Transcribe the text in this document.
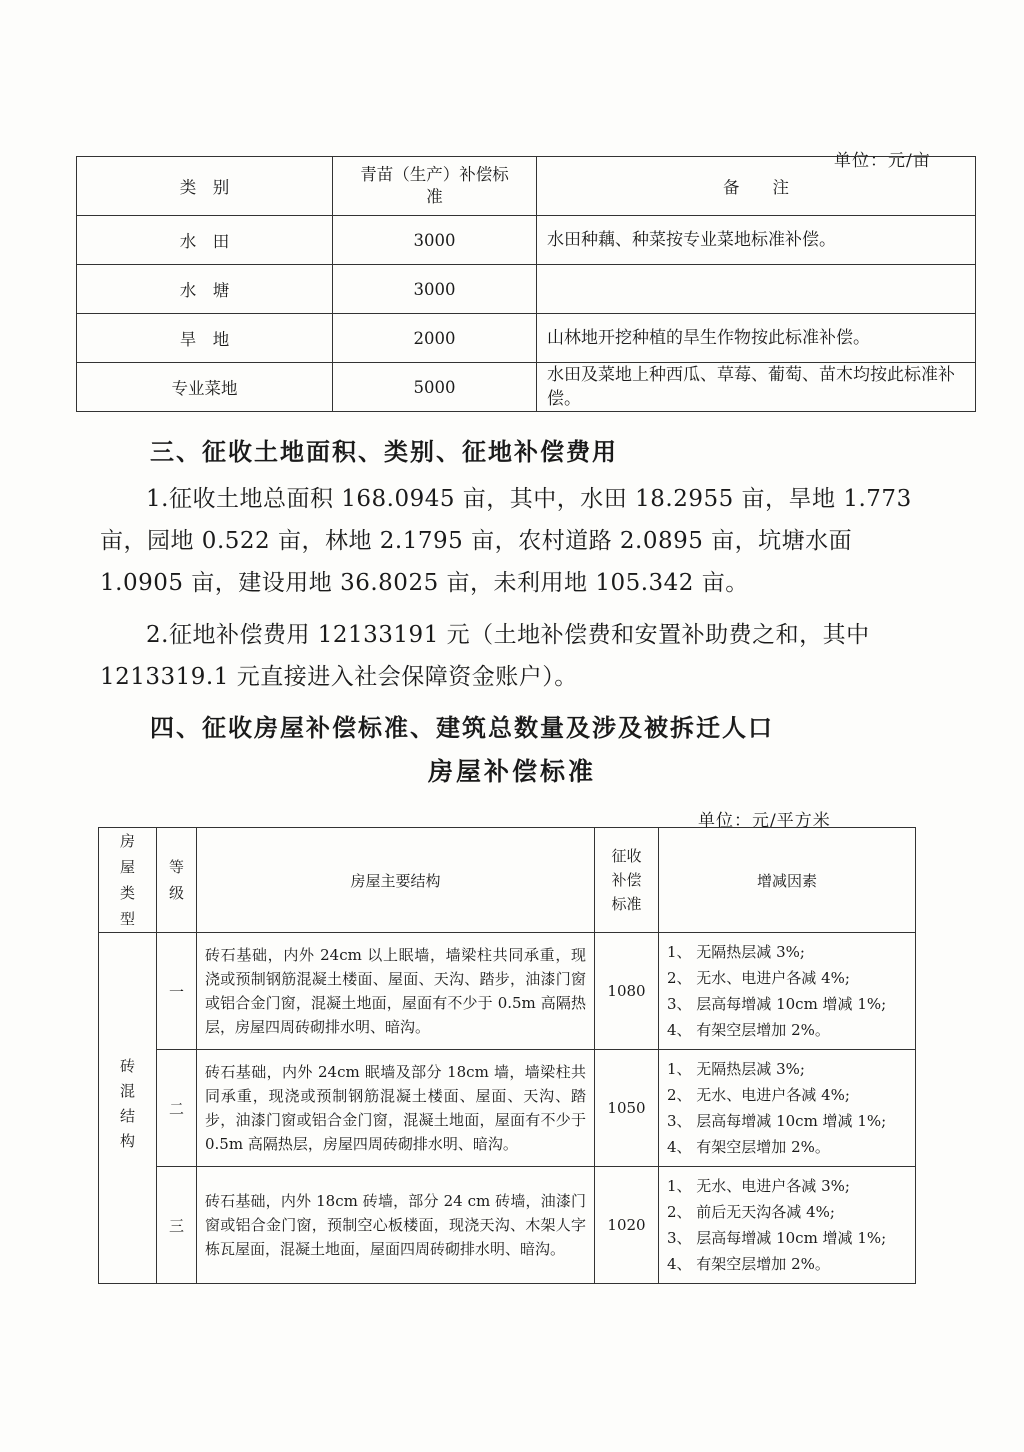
单位：元/亩
类　别	青苗（生产）补偿标准	备　　注
水　田	3000	水田种藕、种菜按专业菜地标准补偿。
水　塘	3000	
旱　地	2000	山林地开挖种植的旱生作物按此标准补偿。
专业菜地	5000	水田及菜地上种西瓜、草莓、葡萄、苗木均按此标准补偿。
三、征收土地面积、类别、征地补偿费用
1.征收土地总面积 168.0945 亩，其中，水田 18.2955 亩，旱地 1.773 亩，园地 0.522 亩，林地 2.1795 亩，农村道路 2.0895 亩，坑塘水面 1.0905 亩，建设用地 36.8025 亩，未利用地 105.342 亩。
2.征地补偿费用 12133191 元（土地补偿费和安置补助费之和，其中 1213319.1 元直接进入社会保障资金账户）。
四、征收房屋补偿标准、建筑总数量及涉及被拆迁人口
房屋补偿标准
单位：元/平方米
房屋类型	等级	房屋主要结构	征收补偿标准	增减因素

砖混结构	一	砖石基础，内外 24cm 以上眠墙，墙梁柱共同承重，现浇或预制钢筋混凝土楼面、屋面、天沟、踏步，油漆门窗或铝合金门窗，混凝土地面，屋面有不少于 0.5m 高隔热层，房屋四周砖砌排水明、暗沟。	1080	1、 无隔热层减 3%;
2、 无水、电进户各减 4%;
3、 层高每增减 10cm 增减 1%;
4、 有架空层增加 2%。

	二	砖石基础，内外 24cm 眠墙及部分 18cm 墙，墙梁柱共同承重，现浇或预制钢筋混凝土楼面、屋面、天沟、踏步，油漆门窗或铝合金门窗，混凝土地面，屋面有不少于 0.5m 高隔热层，房屋四周砖砌排水明、暗沟。	1050	1、 无隔热层减 3%;
2、 无水、电进户各减 4%;
3、 层高每增减 10cm 增减 1%;
4、 有架空层增加 2%。

	三	砖石基础，内外 18cm 砖墙，部分 24 cm 砖墙，油漆门窗或铝合金门窗，预制空心板楼面，现浇天沟、木架人字栋瓦屋面，混凝土地面，屋面四周砖砌排水明、暗沟。	1020	1、 无水、电进户各减 3%;
2、 前后无天沟各减 4%;
3、 层高每增减 10cm 增减 1%;
4、 有架空层增加 2%。
